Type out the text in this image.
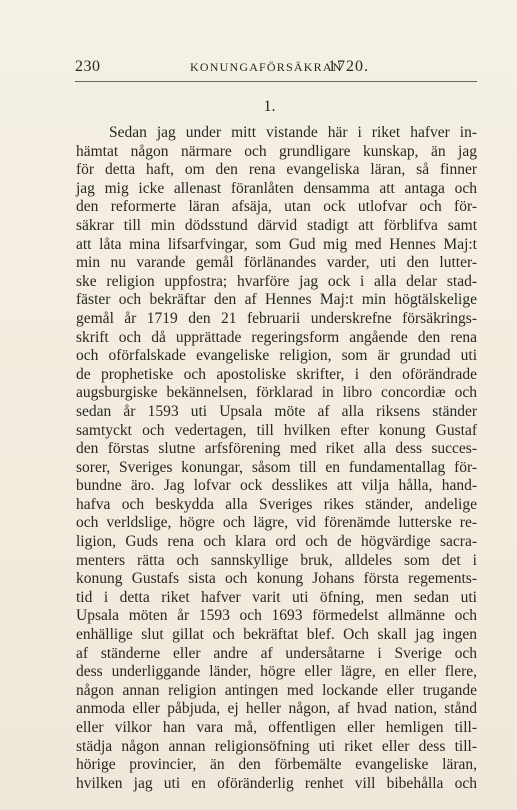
230	KONUNGAFÖRSÄKRAN
1720.
1.
Sedan jag under mitt vistande här i riket hafver in-
hämtat någon närmare och grundligare kunskap, än jag
för detta haft, om den rena evangeliska läran, så finner
jag mig icke allenast föranlåten densamma att antaga och
den reformerte läran afsäja, utan ock utlofvar och för-
säkrar till min dödsstund därvid stadigt att förblifva samt
att låta mina lifsarfvingar, som Gud mig med Hennes Maj:t
min nu varande gemål förlänandes varder, uti den lutter-
ske religion uppfostra; hvarföre jag ock i alla delar stad-
fäster och bekräftar den af Hennes Maj:t min högtälskelige
gemål år 1719 den 21 februarii underskrefne försäkrings-
skrift och då upprättade regeringsform angående den rena
och oförfalskade evangeliske religion, som är grundad uti
de prophetiske och apostoliske skrifter, i den oförändrade
augsburgiske bekännelsen, förklarad in libro concordiæ och
sedan år 1593 uti Upsala möte af alla riksens ständer
samtyckt och vedertagen, till hvilken efter konung Gustaf
den förstas slutne arfsförening med riket alla dess succes-
sorer, Sveriges konungar, såsom till en fundamentallag för-
bundne äro. Jag lofvar ock desslikes att vilja hålla, hand-
hafva och beskydda alla Sveriges rikes ständer, andelige
och verldslige, högre och lägre, vid förenämde lutterske re-
ligion, Guds rena och klara ord och de högvärdige sacra-
menters rätta och sannskyllige bruk, alldeles som det i
konung Gustafs sista och konung Johans första regements-
tid i detta riket hafver varit uti öfning, men sedan uti
Upsala möten år 1593 och 1693 förmedelst allmänne och
enhällige slut gillat och bekräftat blef. Och skall jag ingen
af ständerne eller andre af undersåtarne i Sverige och
dess underliggande länder, högre eller lägre, en eller flere,
någon annan religion antingen med lockande eller trugande
anmoda eller påbjuda, ej heller någon, af hvad nation, stånd
eller vilkor han vara må, offentligen eller hemligen till-
städja någon annan religionsöfning uti riket eller dess till-
hörige provincier, än den förbemälte evangeliske läran,
hvilken jag uti en oföränderlig renhet vill bibehålla och
